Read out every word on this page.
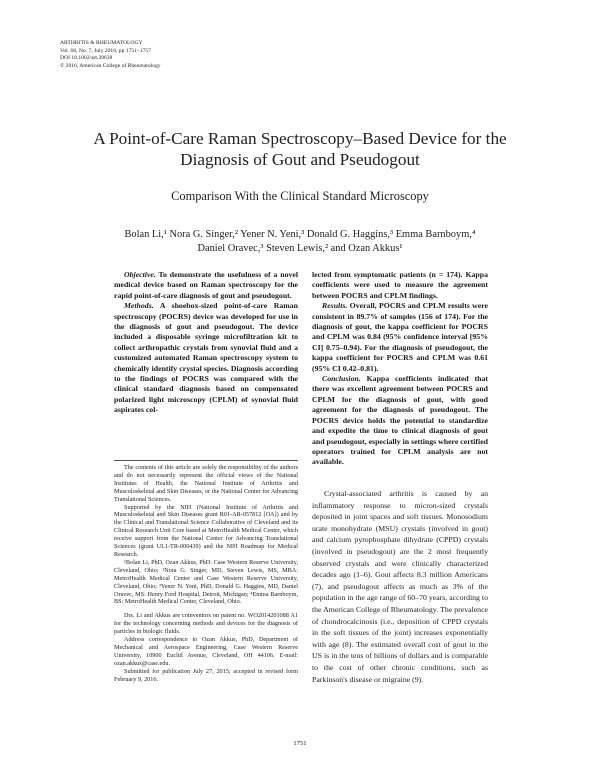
ARTHRITIS & RHEUMATOLOGY
Vol. 68, No. 7, July 2016, pp 1751–1757
DOI 10.1002/art.39638
© 2016, American College of Rheumatology
A Point-of-Care Raman Spectroscopy–Based Device for the Diagnosis of Gout and Pseudogout
Comparison With the Clinical Standard Microscopy
Bolan Li,¹ Nora G. Singer,² Yener N. Yeni,³ Donald G. Haggins,³ Emma Barnboym,⁴
Daniel Oravec,³ Steven Lewis,² and Ozan Akkus¹

Objective. To demonstrate the usefulness of a novel medical device based on Raman spectroscopy for the rapid point-of-care diagnosis of gout and pseudogout.

Methods. A shoebox-sized point-of-care Raman spectroscopy (POCRS) device was developed for use in the diagnosis of gout and pseudogout. The device included a disposable syringe microfiltration kit to collect arthropathic crystals from synovial fluid and a customized automated Raman spectroscopy system to chemically identify crystal species. Diagnosis according to the findings of POCRS was compared with the clinical standard diagnosis based on compensated polarized light microscopy (CPLM) of synovial fluid aspirates col-

lected from symptomatic patients (n = 174). Kappa coefficients were used to measure the agreement between POCRS and CPLM findings.

Results. Overall, POCRS and CPLM results were consistent in 89.7% of samples (156 of 174). For the diagnosis of gout, the kappa coefficient for POCRS and CPLM was 0.84 (95% confidence interval [95% CI] 0.75–0.94). For the diagnosis of pseudogout, the kappa coefficient for POCRS and CPLM was 0.61 (95% CI 0.42–0.81).

Conclusion. Kappa coefficients indicated that there was excellent agreement between POCRS and CPLM for the diagnosis of gout, with good agreement for the diagnosis of pseudogout. The POCRS device holds the potential to standardize and expedite the time to clinical diagnosis of gout and pseudogout, especially in settings where certified operators trained for CPLM analysis are not available.

The contents of this article are solely the responsibility of the authors and do not necessarily represent the official views of the National Institutes of Health, the National Institute of Arthritis and Musculoskeletal and Skin Diseases, or the National Center for Advancing Translational Sciences.

Supported by the NIH (National Institute of Arthritis and Musculoskeletal and Skin Diseases grant R01-AR-057812 [OA]) and by the Clinical and Translational Science Collaborative of Cleveland and its Clinical Research Unit Core based at MetroHealth Medical Center, which receive support from the National Center for Advancing Translational Sciences (grant UL1-TR-000439) and the NIH Roadmap for Medical Research.

¹Bolan Li, PhD, Ozan Akkus, PhD: Case Western Reserve University, Cleveland, Ohio; ²Nora G. Singer, MD, Steven Lewis, MS, MBA: MetroHealth Medical Center and Case Western Reserve University, Cleveland, Ohio; ³Yener N. Yeni, PhD, Donald G. Haggins, MD, Daniel Oravec, MS: Henry Ford Hospital, Detroit, Michigan; ⁴Emma Barnboym, BS: MetroHealth Medical Center, Cleveland, Ohio.

Drs. Li and Akkus are coinventors on patent no. WO2014201088 A1 for the technology concerning methods and devices for the diagnosis of particles in biologic fluids.

Address correspondence to Ozan Akkus, PhD, Department of Mechanical and Aerospace Engineering, Case Western Reserve University, 10900 Euclid Avenue, Cleveland, OH 44106. E-mail: ozan.akkus@case.edu.

Submitted for publication July 27, 2015; accepted in revised form February 9, 2016.

Crystal-associated arthritis is caused by an inflammatory response to micron-sized crystals deposited in joint spaces and soft tissues. Monosodium urate monohydrate (MSU) crystals (involved in gout) and calcium pyrophosphate dihydrate (CPPD) crystals (involved in pseudogout) are the 2 most frequently observed crystals and were clinically characterized decades ago (1–6). Gout affects 8.3 million Americans (7), and pseudogout affects as much as 3% of the population in the age range of 60–70 years, according to the American College of Rheumatology. The prevalence of chondrocalcinosis (i.e., deposition of CPPD crystals in the soft tissues of the joint) increases exponentially with age (8). The estimated overall cost of gout in the US is in the tens of billions of dollars and is comparable to the cost of other chronic conditions, such as Parkinson's disease or migraine (9).

1751
